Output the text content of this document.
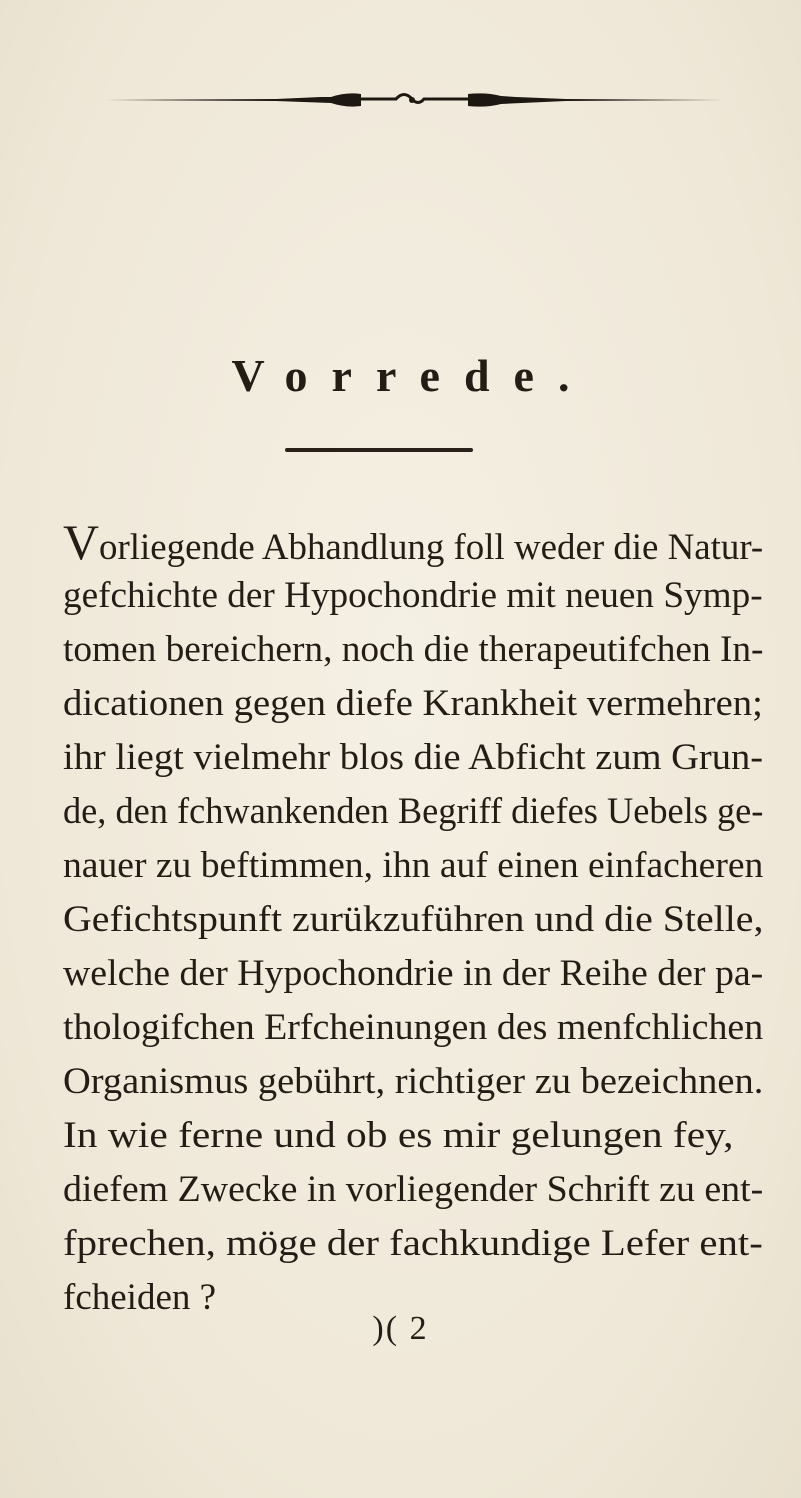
Vorrede.
Vorliegende Abhandlung foll weder die Natur-
gefchichte der Hypochondrie mit neuen Symp-
tomen bereichern, noch die therapeutifchen In-
dicationen gegen diefe Krankheit vermehren;
ihr liegt vielmehr blos die Abficht zum Grun-
de, den fchwankenden Begriff diefes Uebels ge-
nauer zu beftimmen, ihn auf einen einfacheren
Gefichtspunft zurükzuführen und die Stelle,
welche der Hypochondrie in der Reihe der pa-
thologifchen Erfcheinungen des menfchlichen
Organismus gebührt, richtiger zu bezeichnen.
In wie ferne und ob es mir gelungen fey,
diefem Zwecke in vorliegender Schrift zu ent-
fprechen, möge der fachkundige Lefer ent-
fcheiden ?
)( 2
